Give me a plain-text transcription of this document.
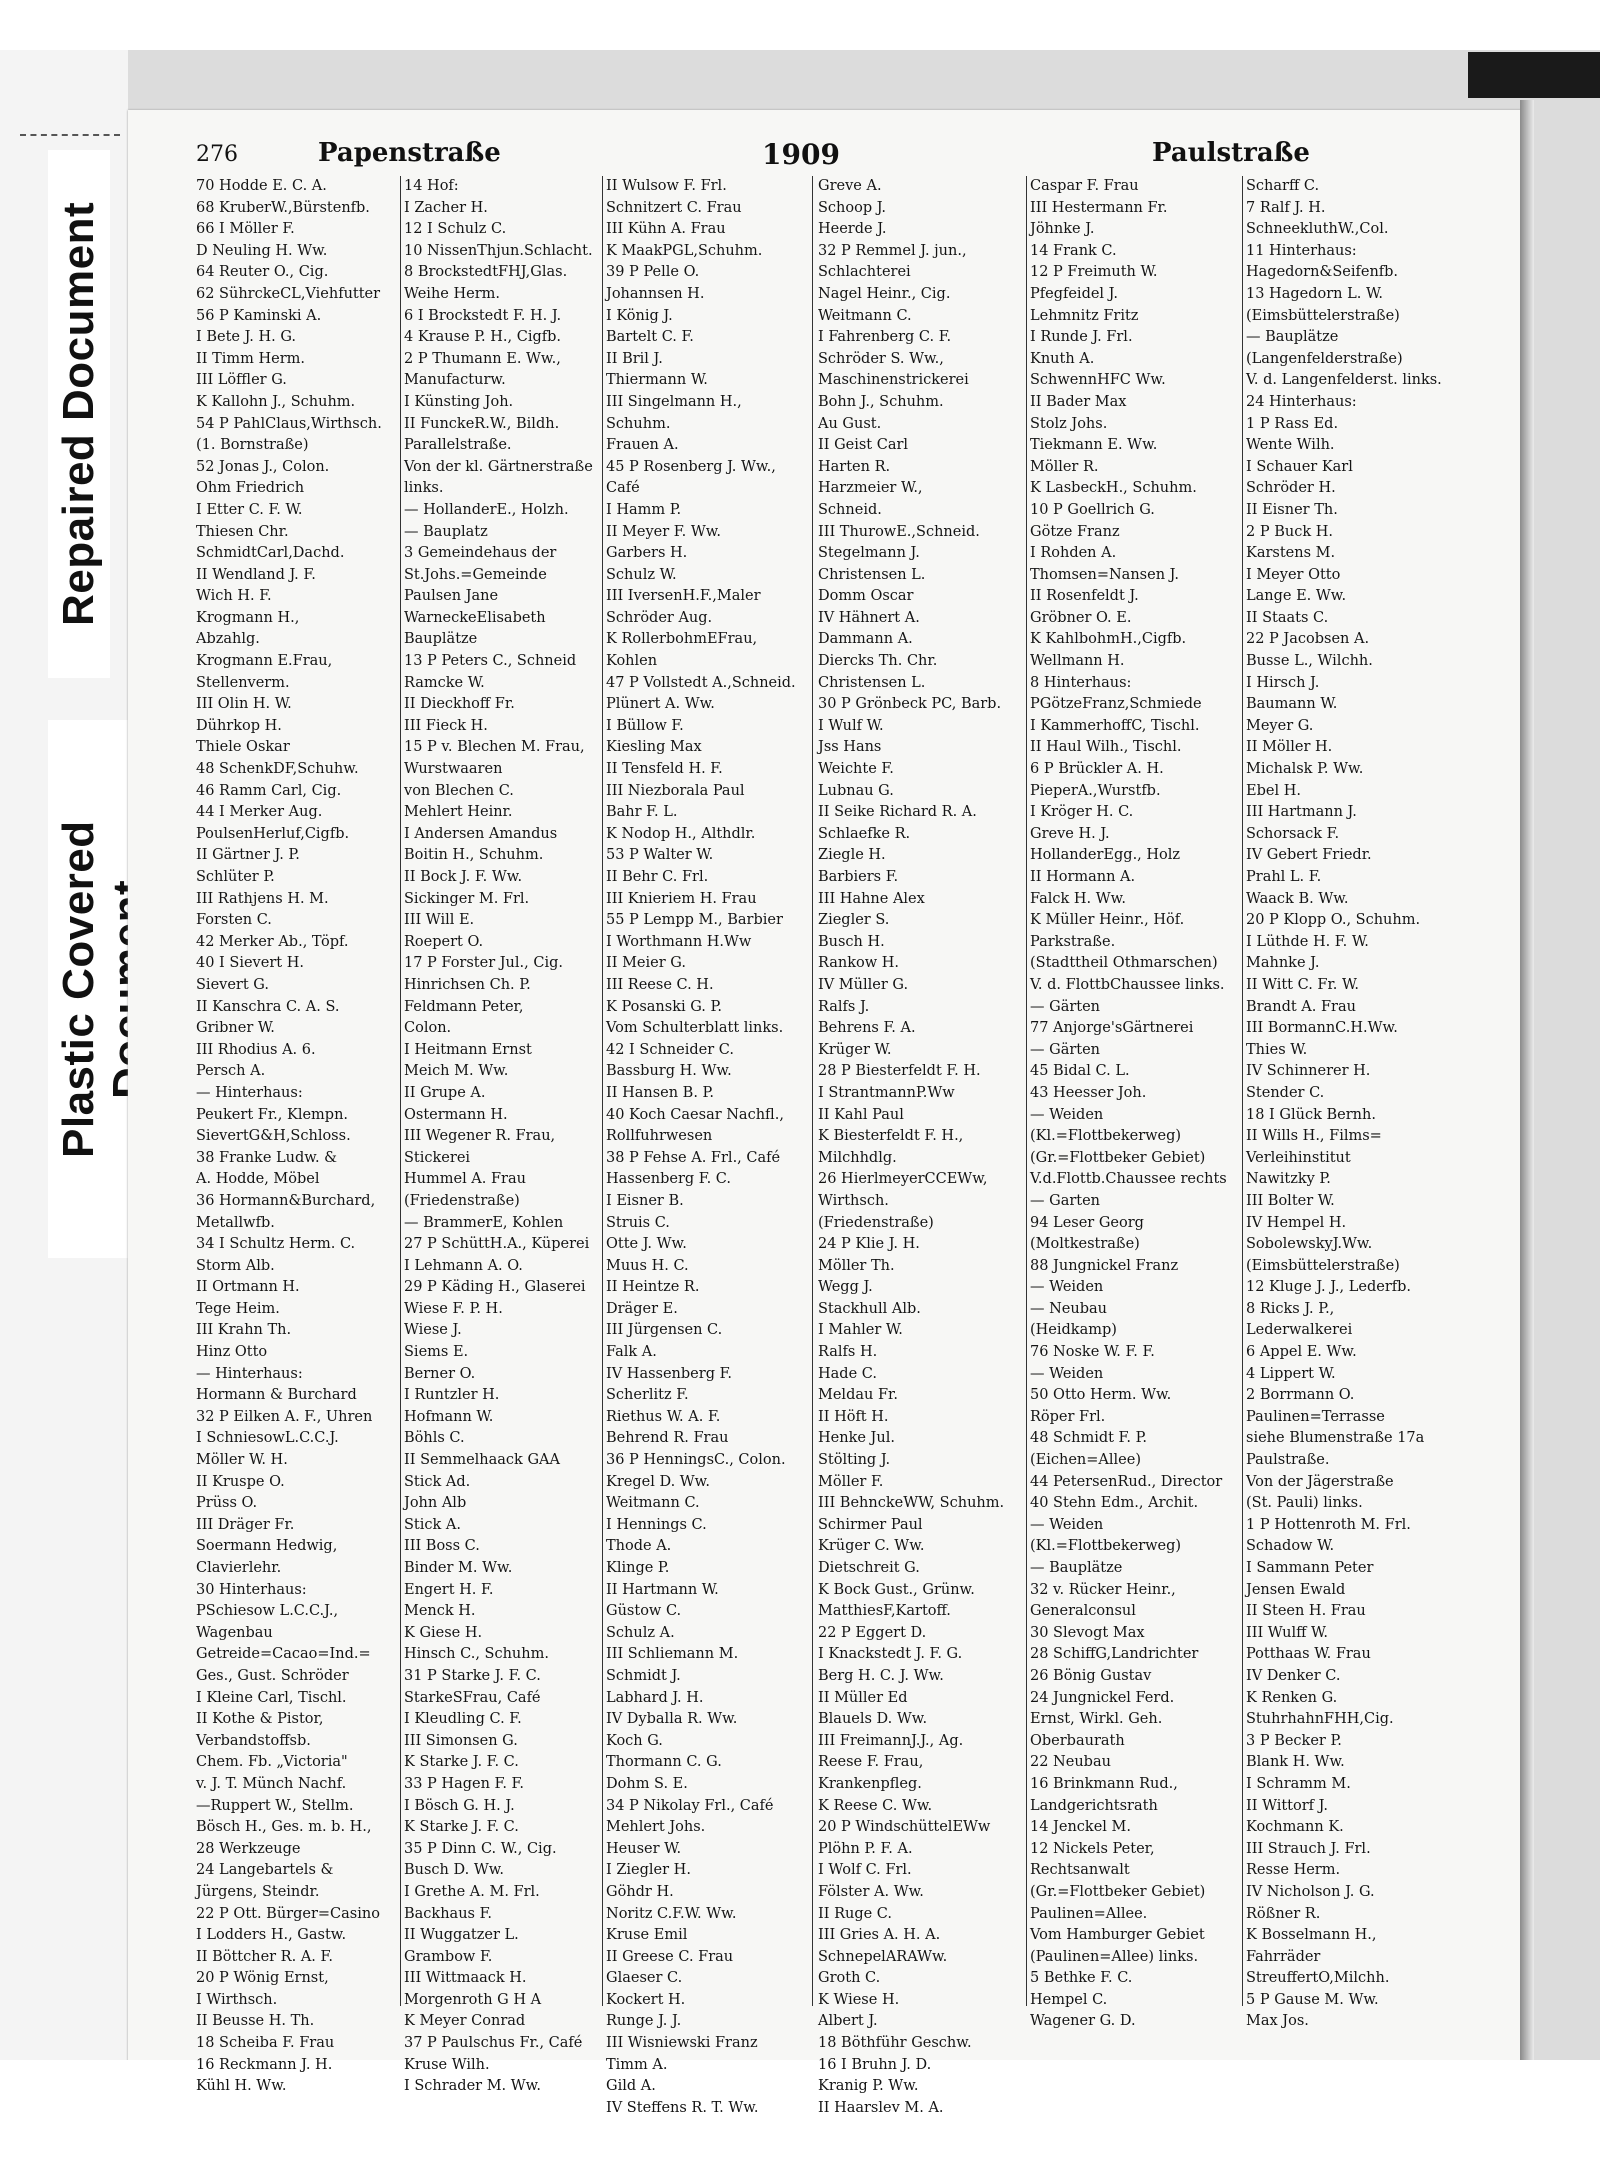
Repaired Document
Plastic Covered
276	Papenstraße	1909	Paulstraße
70 Hodde E. C. A.
68 KruberW.,Bürstenfb.
66 I Möller F.
D Neuling H. Ww.
64 Reuter O., Cig.
62 SührckeCL,Viehfutter
56 P Kaminski A.
I Bete J. H. G.
II Timm Herm.
III Löffler G.
K Kallohn J., Schuhm.
54 P PahlClaus,Wirthsch.
(1. Bornstraße)
52 Jonas J., Colon.
Ohm Friedrich
I Etter C. F. W.
Thiesen Chr.
SchmidtCarl,Dachd.
II Wendland J. F.
Wich H. F.
Krogmann H.,
Abzahlg.
Krogmann E.Frau,
Stellenverm.
III Olin H. W.
Dührkop H.
Thiele Oskar
48 SchenkDF,Schuhw.
46 Ramm Carl, Cig.
44 I Merker Aug.
PoulsenHerluf,Cigfb.
II Gärtner J. P.
Schlüter P.
III Rathjens H. M.
Forsten C.
42 Merker Ab., Töpf.
40 I Sievert H.
Sievert G.
II Kanschra C. A. S.
Gribner W.
III Rhodius A. 6.
Persch A.
— Hinterhaus:
Peukert Fr., Klempn.
SievertG&H,Schloss.
38 Franke Ludw. &
A. Hodde, Möbel
36 Hormann&Burchard,
Metallwfb.
34 I Schultz Herm. C.
Storm Alb.
II Ortmann H.
Tege Heim.
III Krahn Th.
Hinz Otto
— Hinterhaus:
Hormann & Burchard
32 P Eilken A. F., Uhren
I SchniesowL.C.C.J.
Möller W. H.
II Kruspe O.
Prüss O.
III Dräger Fr.
Soermann Hedwig,
Clavierlehr.
30 Hinterhaus:
PSchiesow L.C.C.J.,
Wagenbau
Getreide=Cacao=Ind.=
Ges., Gust. Schröder
I Kleine Carl, Tischl.
II Kothe & Pistor,
Verbandstoffsb.
Chem. Fb. „Victoria"
v. J. T. Münch Nachf.
—Ruppert W., Stellm.
Bösch H., Ges. m. b. H.,
28 Werkzeuge
24 Langebartels &
Jürgens, Steindr.
22 P Ott. Bürger=Casino
I Lodders H., Gastw.
II Böttcher R. A. F.
20 P Wönig Ernst,
I Wirthsch.
II Beusse H. Th.
18 Scheiba F. Frau
16 Reckmann J. H.
Kühl H. Ww.
14 Hof:
I Zacher H.
12 I Schulz C.
10 NissenThjun.Schlacht.
8 BrockstedtFHJ,Glas.
Weihe Herm.
6 I Brockstedt F. H. J.
4 Krause P. H., Cigfb.
2 P Thumann E. Ww.,
Manufacturw.
I Künsting Joh.
II FunckeR.W., Bildh.
Parallelstraße.
Von der kl. Gärtnerstraße
links.
— HollanderE., Holzh.
— Bauplatz
3 Gemeindehaus der
St.Johs.=Gemeinde
Paulsen Jane
WarneckeElisabeth
Bauplätze
13 P Peters C., Schneid
Ramcke W.
II Dieckhoff Fr.
III Fieck H.
15 P v. Blechen M. Frau,
Wurstwaaren
von Blechen C.
Mehlert Heinr.
I Andersen Amandus
Boitin H., Schuhm.
II Bock J. F. Ww.
Sickinger M. Frl.
III Will E.
Roepert O.
17 P Forster Jul., Cig.
Hinrichsen Ch. P.
Feldmann Peter,
Colon.
I Heitmann Ernst
Meich M. Ww.
II Grupe A.
Ostermann H.
III Wegener R. Frau,
Stickerei
Hummel A. Frau
(Friedenstraße)
— BrammerE, Kohlen
27 P SchüttH.A., Küperei
I Lehmann A. O.
29 P Käding H., Glaserei
Wiese F. P. H.
Wiese J.
Siems E.
Berner O.
I Runtzler H.
Hofmann W.
Böhls C.
II Semmelhaack GAA
Stick Ad.
John Alb
Stick A.
III Boss C.
Binder M. Ww.
Engert H. F.
Menck H.
K Giese H.
Hinsch C., Schuhm.
31 P Starke J. F. C.
StarkeSFrau, Café
I Kleudling C. F.
III Simonsen G.
K Starke J. F. C.
33 P Hagen F. F.
I Bösch G. H. J.
K Starke J. F. C.
35 P Dinn C. W., Cig.
Busch D. Ww.
I Grethe A. M. Frl.
Backhaus F.
II Wuggatzer L.
Grambow F.
III Wittmaack H.
Morgenroth G H A
K Meyer Conrad
37 P Paulschus Fr., Café
Kruse Wilh.
I Schrader M. Ww.
II Wulsow F. Frl.
Schnitzert C. Frau
III Kühn A. Frau
K MaakPGL,Schuhm.
39 P Pelle O.
Johannsen H.
I König J.
Bartelt C. F.
II Bril J.
Thiermann W.
III Singelmann H.,
Schuhm.
Frauen A.
45 P Rosenberg J. Ww.,
Café
I Hamm P.
II Meyer F. Ww.
Garbers H.
Schulz W.
III IversenH.F.,Maler
Schröder Aug.
K RollerbohmEFrau,
Kohlen
47 P Vollstedt A.,Schneid.
Plünert A. Ww.
I Büllow F.
Kiesling Max
II Tensfeld H. F.
III Niezborala Paul
Bahr F. L.
K Nodop H., Althdlr.
53 P Walter W.
II Behr C. Frl.
III Knieriem H. Frau
55 P Lempp M., Barbier
I Worthmann H.Ww
II Meier G.
III Reese C. H.
K Posanski G. P.
Vom Schulterblatt links.
42 I Schneider C.
Bassburg H. Ww.
II Hansen B. P.
40 Koch Caesar Nachfl.,
Rollfuhrwesen
38 P Fehse A. Frl., Café
Hassenberg F. C.
I Eisner B.
Struis C.
Otte J. Ww.
Muus H. C.
II Heintze R.
Dräger E.
III Jürgensen C.
Falk A.
IV Hassenberg F.
Scherlitz F.
Riethus W. A. F.
Behrend R. Frau
36 P HenningsC., Colon.
Kregel D. Ww.
Weitmann C.
I Hennings C.
Thode A.
Klinge P.
II Hartmann W.
Güstow C.
Schulz A.
III Schliemann M.
Schmidt J.
Labhard J. H.
IV Dyballa R. Ww.
Koch G.
Thormann C. G.
Dohm S. E.
34 P Nikolay Frl., Café
Mehlert Johs.
Heuser W.
I Ziegler H.
Göhdr H.
Noritz C.F.W. Ww.
Kruse Emil
II Greese C. Frau
Glaeser C.
Kockert H.
Runge J. J.
III Wisniewski Franz
Timm A.
Gild A.
IV Steffens R. T. Ww.
Greve A.
Schoop J.
Heerde J.
32 P Remmel J. jun.,
Schlachterei
Nagel Heinr., Cig.
Weitmann C.
I Fahrenberg C. F.
Schröder S. Ww.,
Maschinenstrickerei
Bohn J., Schuhm.
Au Gust.
II Geist Carl
Harten R.
Harzmeier W.,
Schneid.
III ThurowE.,Schneid.
Stegelmann J.
Christensen L.
Domm Oscar
IV Hähnert A.
Dammann A.
Diercks Th. Chr.
Christensen L.
30 P Grönbeck PC, Barb.
I Wulf W.
Jss Hans
Weichte F.
Lubnau G.
II Seike Richard R. A.
Schlaefke R.
Ziegle H.
Barbiers F.
III Hahne Alex
Ziegler S.
Busch H.
Rankow H.
IV Müller G.
Ralfs J.
Behrens F. A.
Krüger W.
28 P Biesterfeldt F. H.
I StrantmannP.Ww
II Kahl Paul
K Biesterfeldt F. H.,
Milchhdlg.
26 HierlmeyerCCEWw,
Wirthsch.
(Friedenstraße)
24 P Klie J. H.
Möller Th.
Wegg J.
Stackhull Alb.
I Mahler W.
Ralfs H.
Hade C.
Meldau Fr.
II Höft H.
Henke Jul.
Stölting J.
Möller F.
III BehnckeWW, Schuhm.
Schirmer Paul
Krüger C. Ww.
Dietschreit G.
K Bock Gust., Grünw.
MatthiesF,Kartoff.
22 P Eggert D.
I Knackstedt J. F. G.
Berg H. C. J. Ww.
II Müller Ed
Blauels D. Ww.
III FreimannJ.J., Ag.
Reese F. Frau,
Krankenpfleg.
K Reese C. Ww.
20 P WindschüttelEWw
Plöhn P. F. A.
I Wolf C. Frl.
Fölster A. Ww.
II Ruge C.
III Gries A. H. A.
SchnepelARAWw.
Groth C.
K Wiese H.
Albert J.
18 Böthführ Geschw.
16 I Bruhn J. D.
Kranig P. Ww.
II Haarslev M. A.
Caspar F. Frau
III Hestermann Fr.
Jöhnke J.
14 Frank C.
12 P Freimuth W.
Pfegfeidel J.
Lehmnitz Fritz
I Runde J. Frl.
Knuth A.
SchwennHFC Ww.
II Bader Max
Stolz Johs.
Tiekmann E. Ww.
Möller R.
K LasbeckH., Schuhm.
10 P Goellrich G.
Götze Franz
I Rohden A.
Thomsen=Nansen J.
II Rosenfeldt J.
Gröbner O. E.
K KahlbohmH.,Cigfb.
Wellmann H.
8 Hinterhaus:
PGötzeFranz,Schmiede
I KammerhoffC, Tischl.
II Haul Wilh., Tischl.
6 P Brückler A. H.
PieperA.,Wurstfb.
I Kröger H. C.
Greve H. J.
HollanderEgg., Holz
II Hormann A.
Falck H. Ww.
K Müller Heinr., Höf.
Parkstraße.
(Stadttheil Othmarschen)
V. d. FlottbChaussee links.
— Gärten
77 Anjorge'sGärtnerei
— Gärten
45 Bidal C. L.
43 Heesser Joh.
— Weiden
(Kl.=Flottbekerweg)
(Gr.=Flottbeker Gebiet)
V.d.Flottb.Chaussee rechts
— Garten
94 Leser Georg
(Moltkestraße)
88 Jungnickel Franz
— Weiden
— Neubau
(Heidkamp)
76 Noske W. F. F.
— Weiden
50 Otto Herm. Ww.
Röper Frl.
48 Schmidt F. P.
(Eichen=Allee)
44 PetersenRud., Director
40 Stehn Edm., Archit.
— Weiden
(Kl.=Flottbekerweg)
— Bauplätze
32 v. Rücker Heinr.,
Generalconsul
30 Slevogt Max
28 SchiffG,Landrichter
26 Bönig Gustav
24 Jungnickel Ferd.
Ernst, Wirkl. Geh.
Oberbaurath
22 Neubau
16 Brinkmann Rud.,
Landgerichtsrath
14 Jenckel M.
12 Nickels Peter,
Rechtsanwalt
(Gr.=Flottbeker Gebiet)
Paulinen=Allee.
Vom Hamburger Gebiet
(Paulinen=Allee) links.
5 Bethke F. C.
Hempel C.
Wagener G. D.
Scharff C.
7 Ralf J. H.
SchneekluthW.,Col.
11 Hinterhaus:
Hagedorn&Seifenfb.
13 Hagedorn L. W.
(Eimsbüttelerstraße)
— Bauplätze
(Langenfelderstraße)
V. d. Langenfelderst. links.
24 Hinterhaus:
1 P Rass Ed.
Wente Wilh.
I Schauer Karl
Schröder H.
II Eisner Th.
2 P Buck H.
Karstens M.
I Meyer Otto
Lange E. Ww.
II Staats C.
22 P Jacobsen A.
Busse L., Wilchh.
I Hirsch J.
Baumann W.
Meyer G.
II Möller H.
Michalsk P. Ww.
Ebel H.
III Hartmann J.
Schorsack F.
IV Gebert Friedr.
Prahl L. F.
Waack B. Ww.
20 P Klopp O., Schuhm.
I Lüthde H. F. W.
Mahnke J.
II Witt C. Fr. W.
Brandt A. Frau
III BormannC.H.Ww.
Thies W.
IV Schinnerer H.
Stender C.
18 I Glück Bernh.
II Wills H., Films=
Verleihinstitut
Nawitzky P.
III Bolter W.
IV Hempel H.
SobolewskyJ.Ww.
(Eimsbüttelerstraße)
12 Kluge J. J., Lederfb.
8 Ricks J. P.,
Lederwalkerei
6 Appel E. Ww.
4 Lippert W.
2 Borrmann O.
Paulinen=Terrasse
siehe Blumenstraße 17a
Paulstraße.
Von der Jägerstraße
(St. Pauli) links.
1 P Hottenroth M. Frl.
Schadow W.
I Sammann Peter
Jensen Ewald
II Steen H. Frau
III Wulff W.
Potthaas W. Frau
IV Denker C.
K Renken G.
StuhrhahnFHH,Cig.
3 P Becker P.
Blank H. Ww.
I Schramm M.
II Wittorf J.
Kochmann K.
III Strauch J. Frl.
Resse Herm.
IV Nicholson J. G.
Rößner R.
K Bosselmann H.,
Fahrräder
StreuffertO,Milchh.
5 P Gause M. Ww.
Max Jos.
